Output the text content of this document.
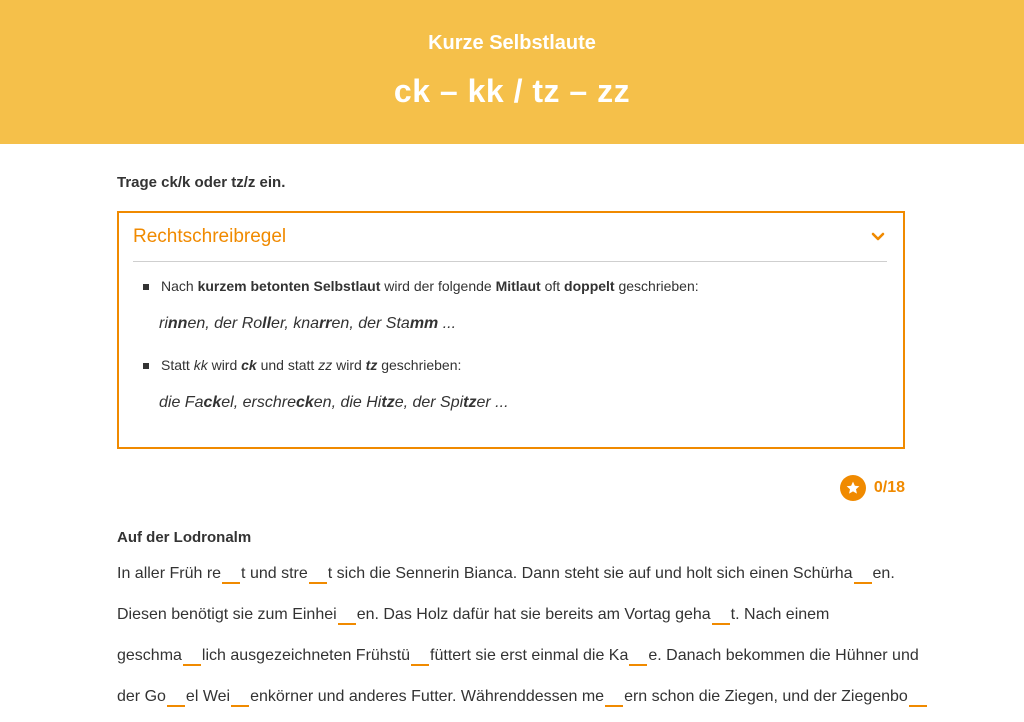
Kurze Selbstlaute
ck – kk / tz – zz
Trage ck/k oder tz/z ein.
Rechtschreibregel
Nach kurzem betonten Selbstlaut wird der folgende Mitlaut oft doppelt geschrieben:
rinnen, der Roller, knarren, der Stamm ...
Statt kk wird ck und statt zz wird tz geschrieben:
die Fackel, erschrecken, die Hitze, der Spitzer ...
0/18
Auf der Lodronalm
In aller Früh re t und stre t sich die Sennerin Bianca. Dann steht sie auf und holt sich einen Schürha en.
Diesen benötigt sie zum Einhei en. Das Holz dafür hat sie bereits am Vortag geha t. Nach einem
geschma lich ausgezeichneten Frühstü füttert sie erst einmal die Ka e. Danach bekommen die Hühner und
der Go el Wei enkörner und anderes Futter. Währenddessen me ern schon die Ziegen, und der Ziegenbo
